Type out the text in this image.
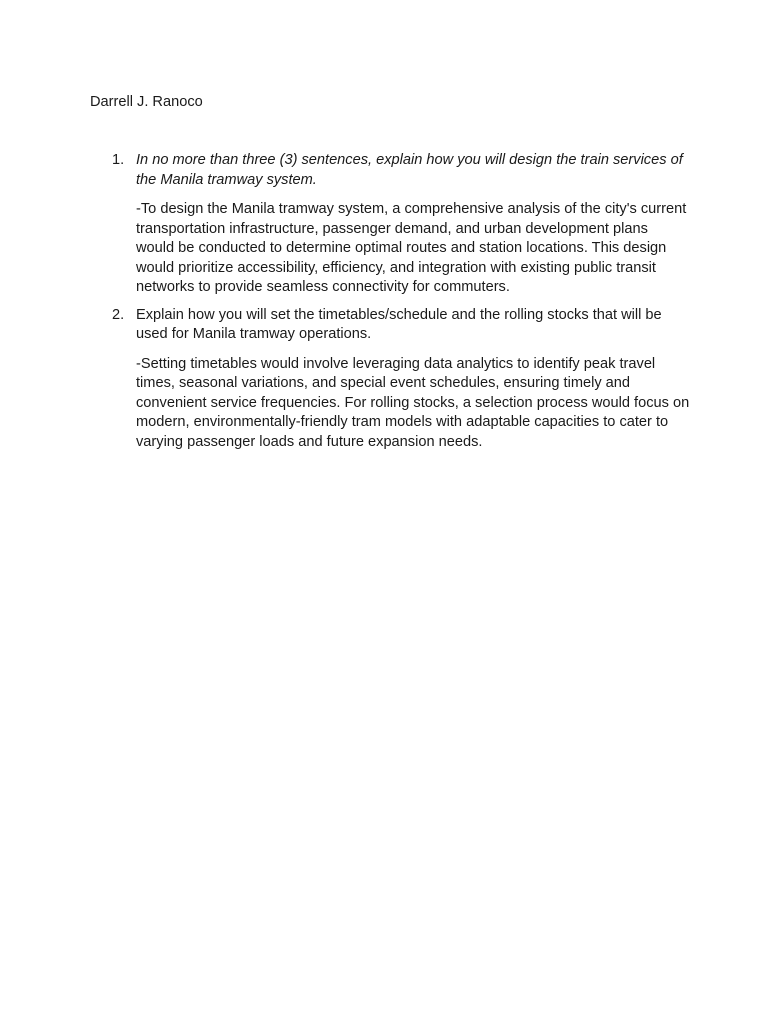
Darrell J. Ranoco
1. In no more than three (3) sentences, explain how you will design the train services of the Manila tramway system.

-To design the Manila tramway system, a comprehensive analysis of the city's current transportation infrastructure, passenger demand, and urban development plans would be conducted to determine optimal routes and station locations. This design would prioritize accessibility, efficiency, and integration with existing public transit networks to provide seamless connectivity for commuters.

2. Explain how you will set the timetables/schedule and the rolling stocks that will be used for Manila tramway operations.

-Setting timetables would involve leveraging data analytics to identify peak travel times, seasonal variations, and special event schedules, ensuring timely and convenient service frequencies. For rolling stocks, a selection process would focus on modern, environmentally-friendly tram models with adaptable capacities to cater to varying passenger loads and future expansion needs.
